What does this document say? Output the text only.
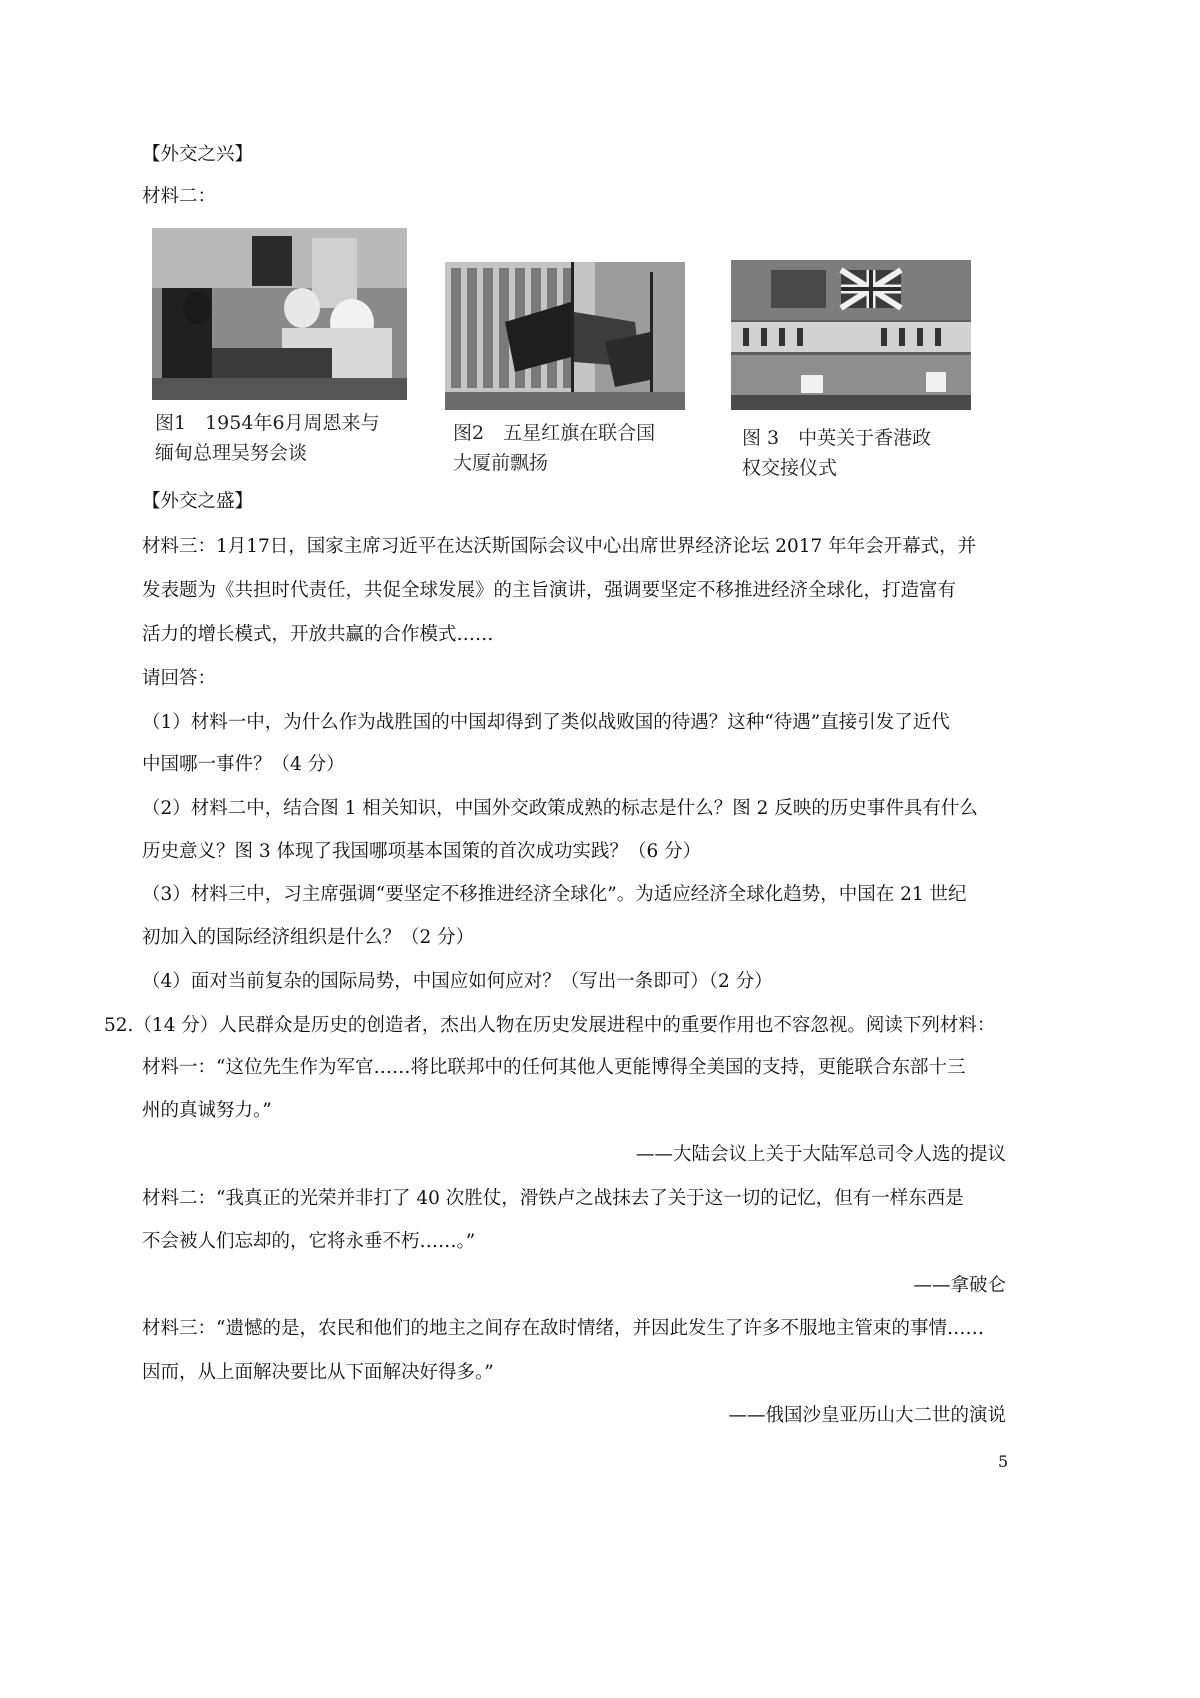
【外交之兴】
材料二：
图1　1954年6月周恩来与
缅甸总理吴努会谈
图2　五星红旗在联合国
大厦前飘扬
图 3　中英关于香港政
权交接仪式
【外交之盛】
材料三：1月17日，国家主席习近平在达沃斯国际会议中心出席世界经济论坛 2017 年年会开幕式，并
发表题为《共担时代责任，共促全球发展》的主旨演讲，强调要坚定不移推进经济全球化，打造富有
活力的增长模式，开放共赢的合作模式……
请回答：
（1）材料一中，为什么作为战胜国的中国却得到了类似战败国的待遇？这种“待遇”直接引发了近代
中国哪一事件？（4 分）
（2）材料二中，结合图 1 相关知识，中国外交政策成熟的标志是什么？图 2 反映的历史事件具有什么
历史意义？图 3 体现了我国哪项基本国策的首次成功实践？（6 分）
（3）材料三中，习主席强调“要坚定不移推进经济全球化”。为适应经济全球化趋势，中国在 21 世纪
初加入的国际经济组织是什么？（2 分）
（4）面对当前复杂的国际局势，中国应如何应对？（写出一条即可）（2 分）
52.（14 分）人民群众是历史的创造者，杰出人物在历史发展进程中的重要作用也不容忽视。阅读下列材料：
材料一：“这位先生作为军官……将比联邦中的任何其他人更能博得全美国的支持，更能联合东部十三
州的真诚努力。”
——大陆会议上关于大陆军总司令人选的提议
材料二：“我真正的光荣并非打了 40 次胜仗，滑铁卢之战抹去了关于这一切的记忆，但有一样东西是
不会被人们忘却的，它将永垂不朽……。”
——拿破仑
材料三：“遗憾的是，农民和他们的地主之间存在敌时情绪，并因此发生了许多不服地主管束的事情……
因而，从上面解决要比从下面解决好得多。”
——俄国沙皇亚历山大二世的演说
5
